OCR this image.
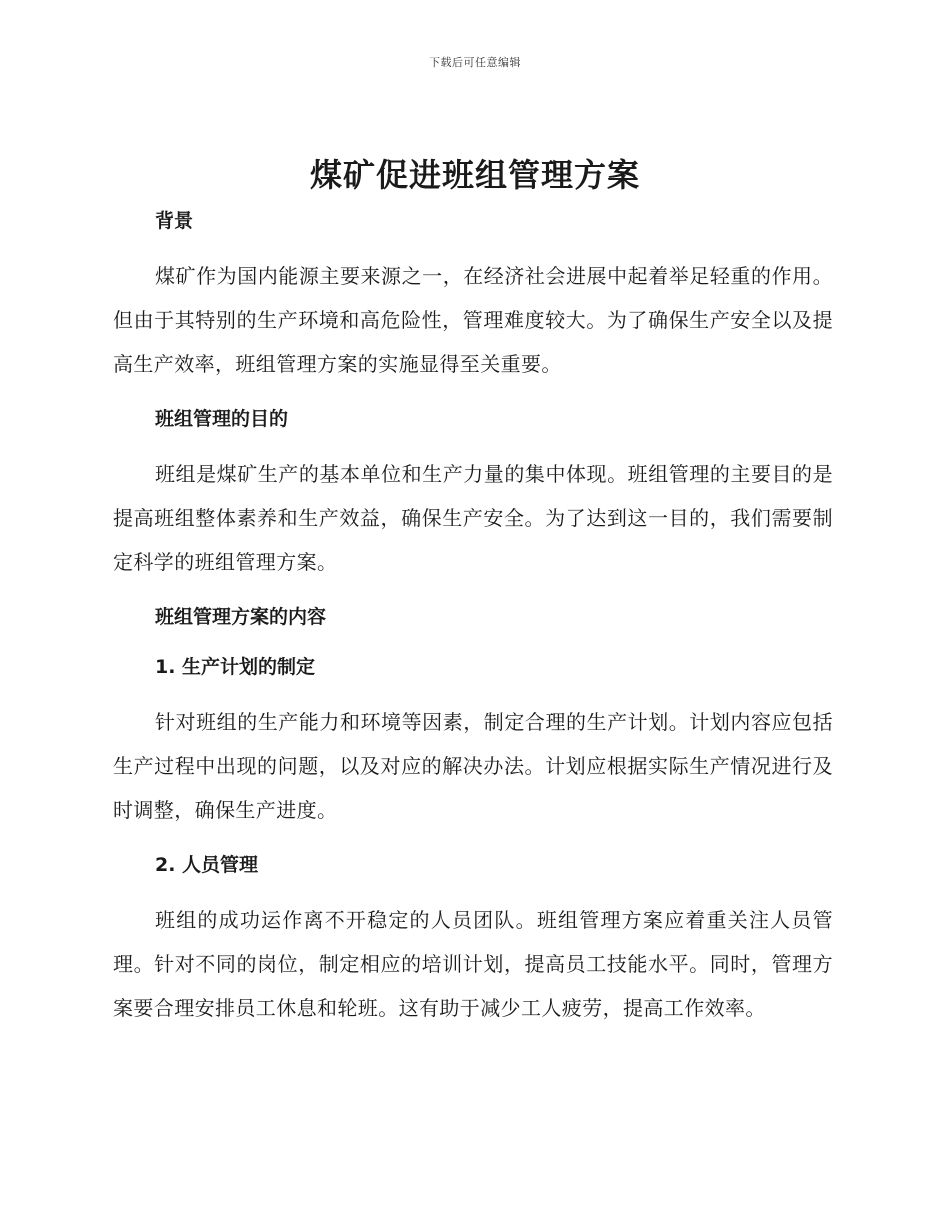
下载后可任意编辑
煤矿促进班组管理方案
背景

煤矿作为国内能源主要来源之一，在经济社会进展中起着举足轻重的作用。但由于其特别的生产环境和高危险性，管理难度较大。为了确保生产安全以及提高生产效率，班组管理方案的实施显得至关重要。

班组管理的目的

班组是煤矿生产的基本单位和生产力量的集中体现。班组管理的主要目的是提高班组整体素养和生产效益，确保生产安全。为了达到这一目的，我们需要制定科学的班组管理方案。

班组管理方案的内容
1. 生产计划的制定

针对班组的生产能力和环境等因素，制定合理的生产计划。计划内容应包括生产过程中出现的问题，以及对应的解决办法。计划应根据实际生产情况进行及时调整，确保生产进度。

2. 人员管理

班组的成功运作离不开稳定的人员团队。班组管理方案应着重关注人员管理。针对不同的岗位，制定相应的培训计划，提高员工技能水平。同时，管理方案要合理安排员工休息和轮班。这有助于减少工人疲劳，提高工作效率。
